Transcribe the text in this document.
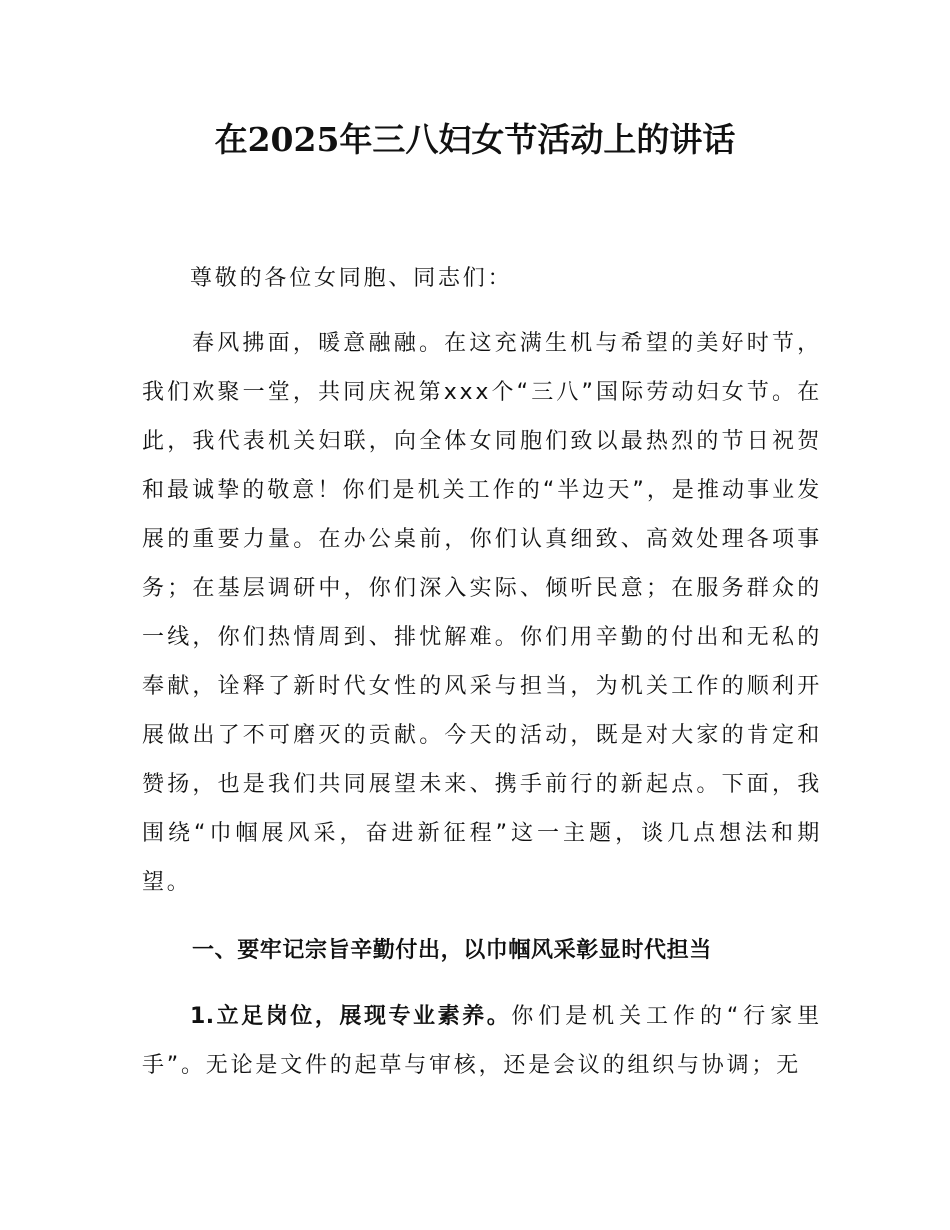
在2025年三八妇女节活动上的讲话
尊敬的各位女同胞、同志们：
春风拂面，暖意融融。在这充满生机与希望的美好时节，我们欢聚一堂，共同庆祝第xxx个“三八”国际劳动妇女节。在此，我代表机关妇联，向全体女同胞们致以最热烈的节日祝贺和最诚挚的敬意！你们是机关工作的“半边天”，是推动事业发展的重要力量。在办公桌前，你们认真细致、高效处理各项事务；在基层调研中，你们深入实际、倾听民意；在服务群众的一线，你们热情周到、排忧解难。你们用辛勤的付出和无私的奉献，诠释了新时代女性的风采与担当，为机关工作的顺利开展做出了不可磨灭的贡献。今天的活动，既是对大家的肯定和赞扬，也是我们共同展望未来、携手前行的新起点。下面，我围绕“巾帼展风采，奋进新征程”这一主题，谈几点想法和期望。
一、要牢记宗旨辛勤付出，以巾帼风采彰显时代担当
1.立足岗位，展现专业素养。你们是机关工作的“行家里手”。无论是文件的起草与审核，还是会议的组织与协调；无
